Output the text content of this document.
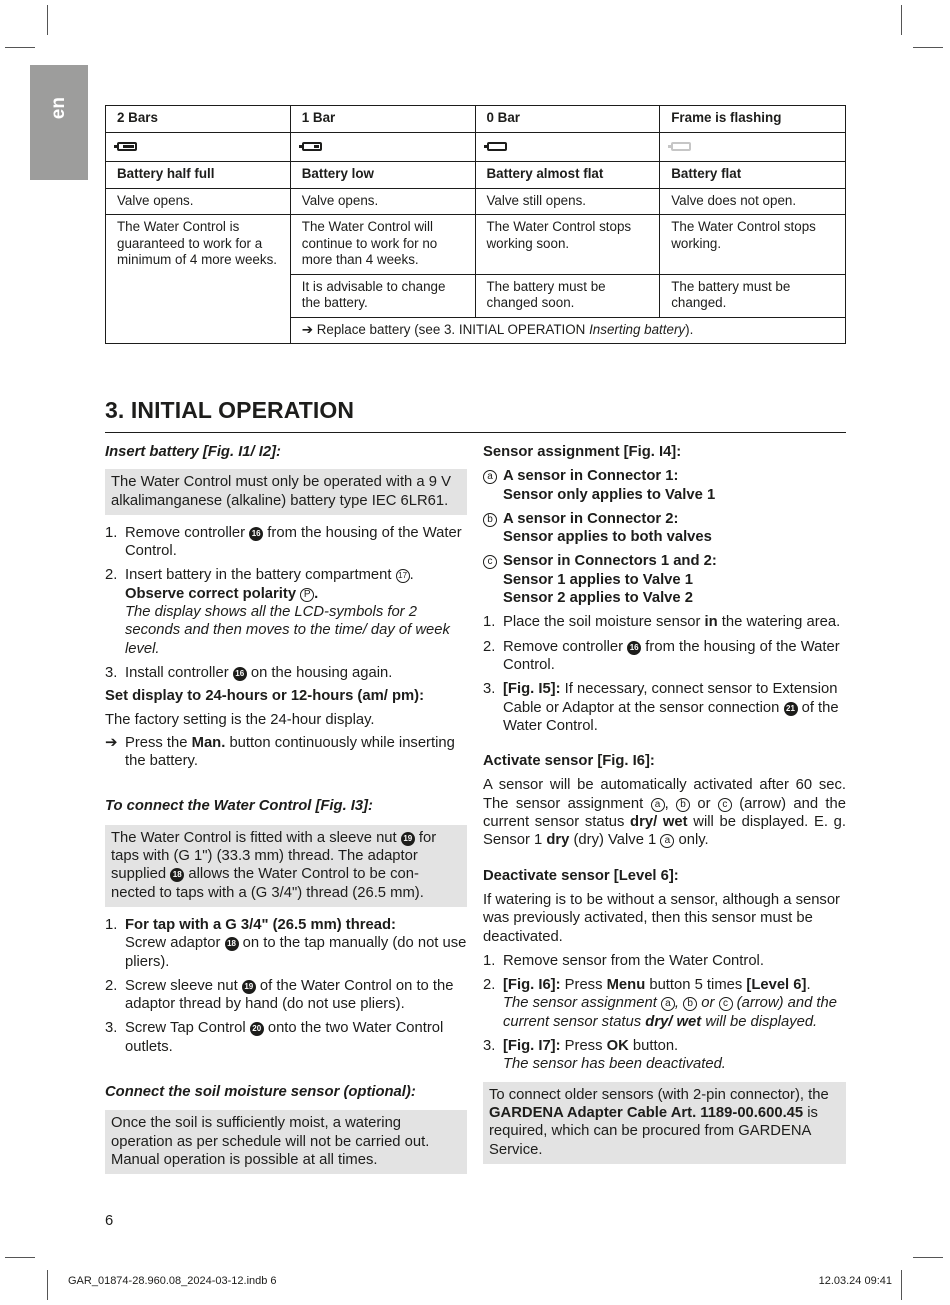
en	2 Bars	1 Bar	0 Bar	Frame is flashing

Battery half full	Battery low	Battery almost flat	Battery flat
Valve opens.	Valve opens.	Valve still opens.	Valve does not open.
The Water Control is guaranteed to work for a minimum of 4 more weeks.	The Water Control will continue to work for no more than 4 weeks.	The Water Control stops working soon.	The Water Control stops working.
	It is advisable to change the battery.	The battery must be changed soon.	The battery must be changed.
	➔ Replace battery (see 3. INITIAL OPERATION Inserting battery).		
3. INITIAL OPERATION

Insert battery [Fig. I1/ I2]:

The Water Control must only be operated with a 9 V alkalimanganese (alkaline) battery type IEC 6LR61.

1. Remove controller 16 from the housing of the Water Control.
2. Insert battery in the battery compartment 17 .
Observe correct polarity P .
The display shows all the LCD-symbols for 2 seconds and then moves to the time/ day of week level.
3. Install controller 16 on the housing again.

Set display to 24-hours or 12-hours (am/ pm):

The factory setting is the 24-hour display.

➔ Press the Man. button continuously while inserting the battery.

To connect the Water Control [Fig. I3]:

The Water Control is fitted with a sleeve nut 19 for taps with (G 1") (33.3 mm) thread. The adaptor supplied 18 allows the Water Control to be con-nected to taps with a (G 3/4") thread (26.5 mm).

1. For tap with a G 3/4" (26.5 mm) thread:
Screw adaptor 18 on to the tap manually (do not use pliers).
2. Screw sleeve nut 19 of the Water Control on to the adaptor thread by hand (do not use pliers).
3. Screw Tap Control 20 onto the two Water Control outlets.

Connect the soil moisture sensor (optional):

Once the soil is sufficiently moist, a watering operation as per schedule will not be carried out. Manual operation is possible at all times.

Sensor assignment [Fig. I4]:

a A sensor in Connector 1:
Sensor only applies to Valve 1
b A sensor in Connector 2:
Sensor applies to both valves
c Sensor in Connectors 1 and 2:
Sensor 1 applies to Valve 1
Sensor 2 applies to Valve 2
1. Place the soil moisture sensor in the watering area.
2. Remove controller 16 from the housing of the Water Control.
3. [Fig. I5]: If necessary, connect sensor to Extension Cable or Adaptor at the sensor connection 21 of the Water Control.

Activate sensor [Fig. I6]:

A sensor will be automatically activated after 60 sec. The sensor assignment a , b or c (arrow) and the current sensor status dry/ wet will be displayed. E. g. Sensor 1 dry (dry) Valve 1 a only.

Deactivate sensor [Level 6]:

If watering is to be without a sensor, although a sensor was previously activated, then this sensor must be deactivated.

1. Remove sensor from the Water Control.
2. [Fig. I6]: Press Menu button 5 times [Level 6].
The sensor assignment a , b or c (arrow) and the current sensor status dry/ wet will be displayed.
3. [Fig. I7]: Press OK button.
The sensor has been deactivated.

To connect older sensors (with 2-pin connector), the GARDENA Adapter Cable Art. 1189-00.600.45 is required, which can be procured from GARDENA Service.

6
GAR_01874-28.960.08_2024-03-12.indb 6	12.03.24 09:41
